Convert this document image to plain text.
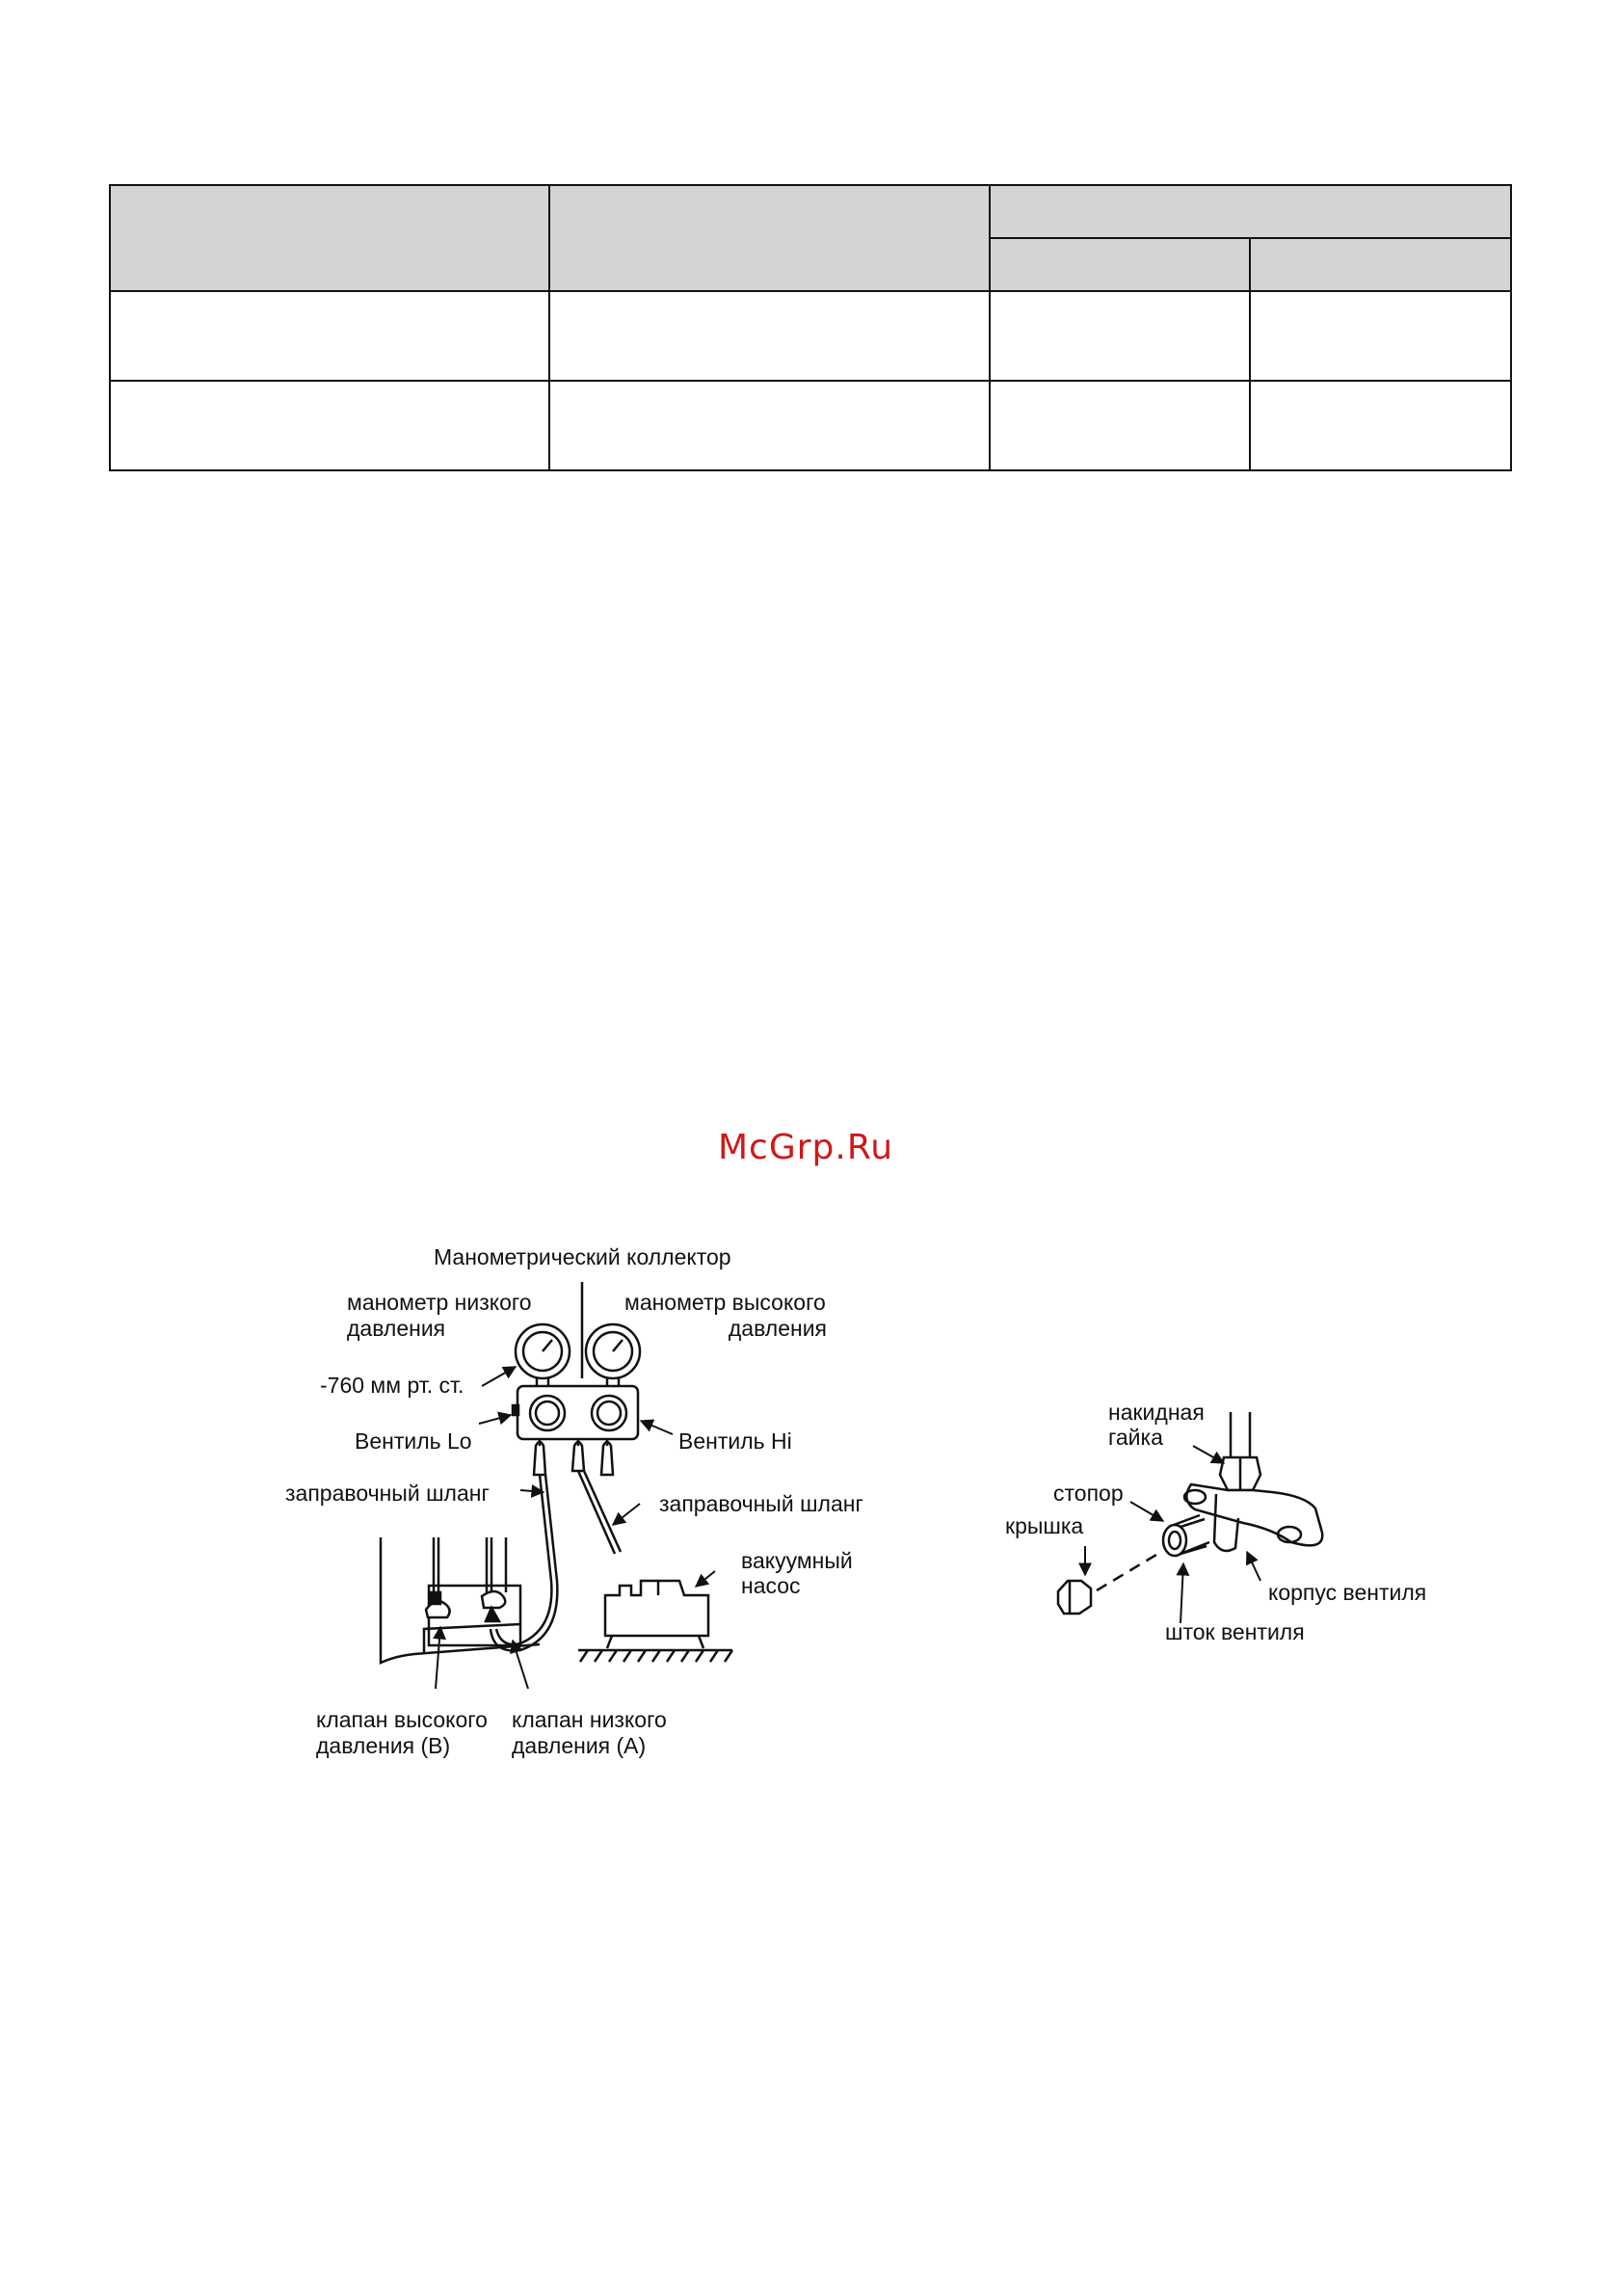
McGrp.Ru
Манометрический коллектор
манометр низкого
давления
манометр высокого
давления
-760 мм рт. ст.
Вентиль Lo	Вентиль Hi
заправочный шланг	заправочный шланг
вакуумный
насос
клапан высокого
давления (B)
клапан низкого
давления (A)
накидная
гайка
стопор
крышка
корпус вентиля
шток вентиля
